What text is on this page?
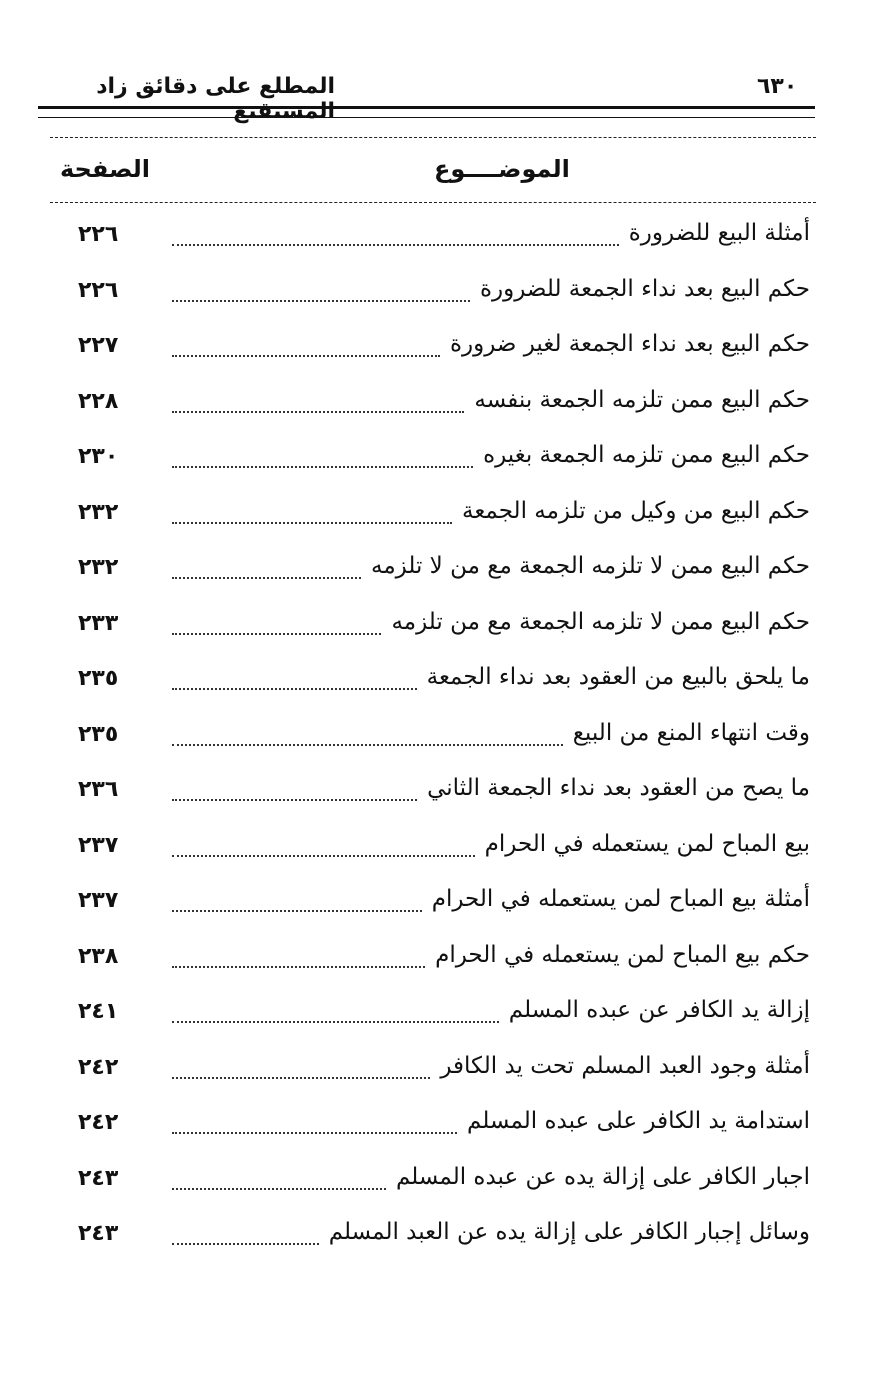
المطلع على دقائق زاد المستقنع
٦٣٠
الموضــــوع
الصفحة
أمثلة البيع للضرورة
٢٢٦
حكم البيع بعد نداء الجمعة للضرورة
٢٢٦
حكم البيع بعد نداء الجمعة لغير ضرورة
٢٢٧
حكم البيع ممن تلزمه الجمعة بنفسه
٢٢٨
حكم البيع ممن تلزمه الجمعة بغيره
٢٣٠
حكم البيع من وكيل من تلزمه الجمعة
٢٣٢
حكم البيع ممن لا تلزمه الجمعة مع من لا تلزمه
٢٣٢
حكم البيع ممن لا تلزمه الجمعة مع من تلزمه
٢٣٣
ما يلحق بالبيع من العقود بعد نداء الجمعة
٢٣٥
وقت انتهاء المنع من البيع
٢٣٥
ما يصح من العقود بعد نداء الجمعة الثاني
٢٣٦
بيع المباح لمن يستعمله في الحرام
٢٣٧
أمثلة بيع المباح لمن يستعمله في الحرام
٢٣٧
حكم بيع المباح لمن يستعمله في الحرام
٢٣٨
إزالة يد الكافر عن عبده المسلم
٢٤١
أمثلة وجود العبد المسلم تحت يد الكافر
٢٤٢
استدامة يد الكافر على عبده المسلم
٢٤٢
اجبار الكافر على إزالة يده عن عبده المسلم
٢٤٣
وسائل إجبار الكافر على إزالة يده عن العبد المسلم
٢٤٣
